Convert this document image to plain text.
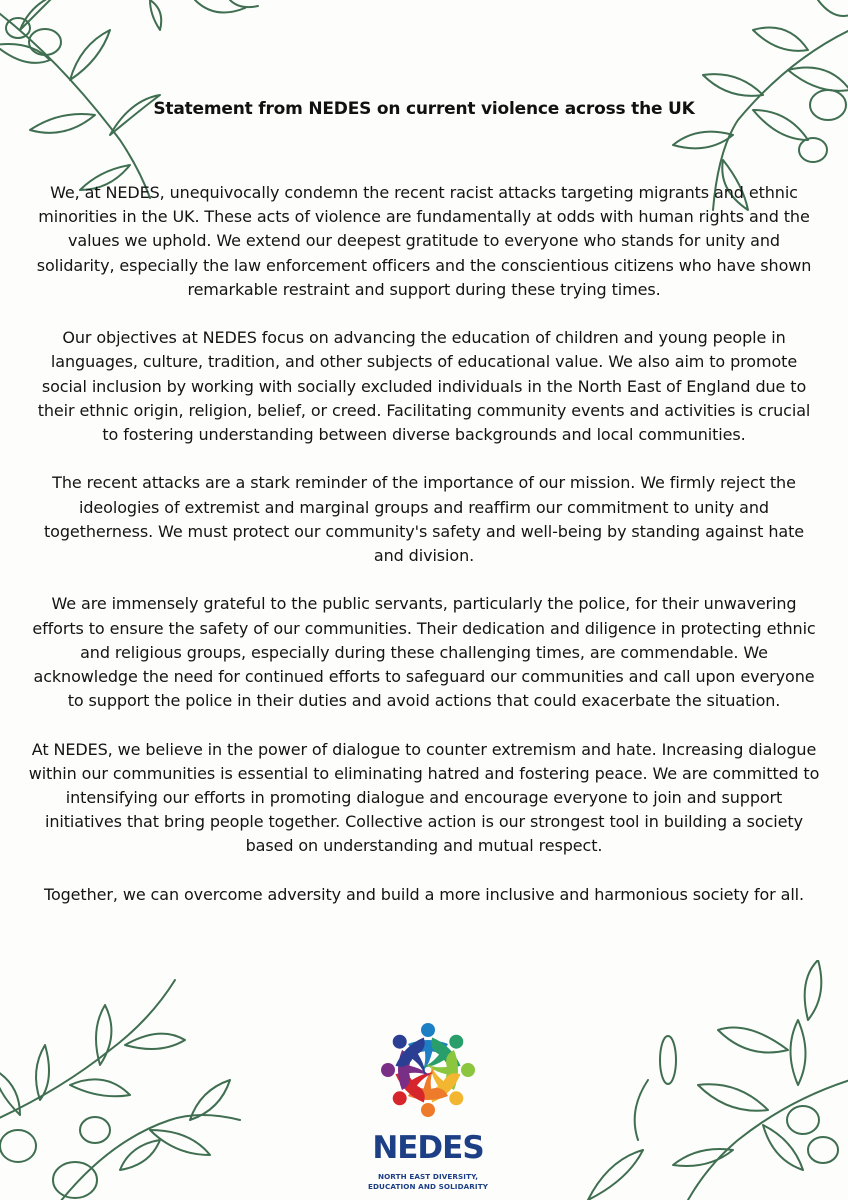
Statement from NEDES on current violence across the UK

We, at NEDES, unequivocally condemn the recent racist attacks targeting migrants and ethnic minorities in the UK. These acts of violence are fundamentally at odds with human rights and the values we uphold. We extend our deepest gratitude to everyone who stands for unity and solidarity, especially the law enforcement officers and the conscientious citizens who have shown remarkable restraint and support during these trying times.

Our objectives at NEDES focus on advancing the education of children and young people in languages, culture, tradition, and other subjects of educational value. We also aim to promote social inclusion by working with socially excluded individuals in the North East of England due to their ethnic origin, religion, belief, or creed. Facilitating community events and activities is crucial to fostering understanding between diverse backgrounds and local communities.

The recent attacks are a stark reminder of the importance of our mission. We firmly reject the ideologies of extremist and marginal groups and reaffirm our commitment to unity and togetherness. We must protect our community's safety and well-being by standing against hate and division.

We are immensely grateful to the public servants, particularly the police, for their unwavering efforts to ensure the safety of our communities. Their dedication and diligence in protecting ethnic and religious groups, especially during these challenging times, are commendable. We acknowledge the need for continued efforts to safeguard our communities and call upon everyone to support the police in their duties and avoid actions that could exacerbate the situation.

At NEDES, we believe in the power of dialogue to counter extremism and hate. Increasing dialogue within our communities is essential to eliminating hatred and fostering peace. We are committed to intensifying our efforts in promoting dialogue and encourage everyone to join and support initiatives that bring people together. Collective action is our strongest tool in building a society based on understanding and mutual respect.

Together, we can overcome adversity and build a more inclusive and harmonious society for all.

NEDES
NORTH EAST DIVERSITY,
EDUCATION AND SOLIDARITY
